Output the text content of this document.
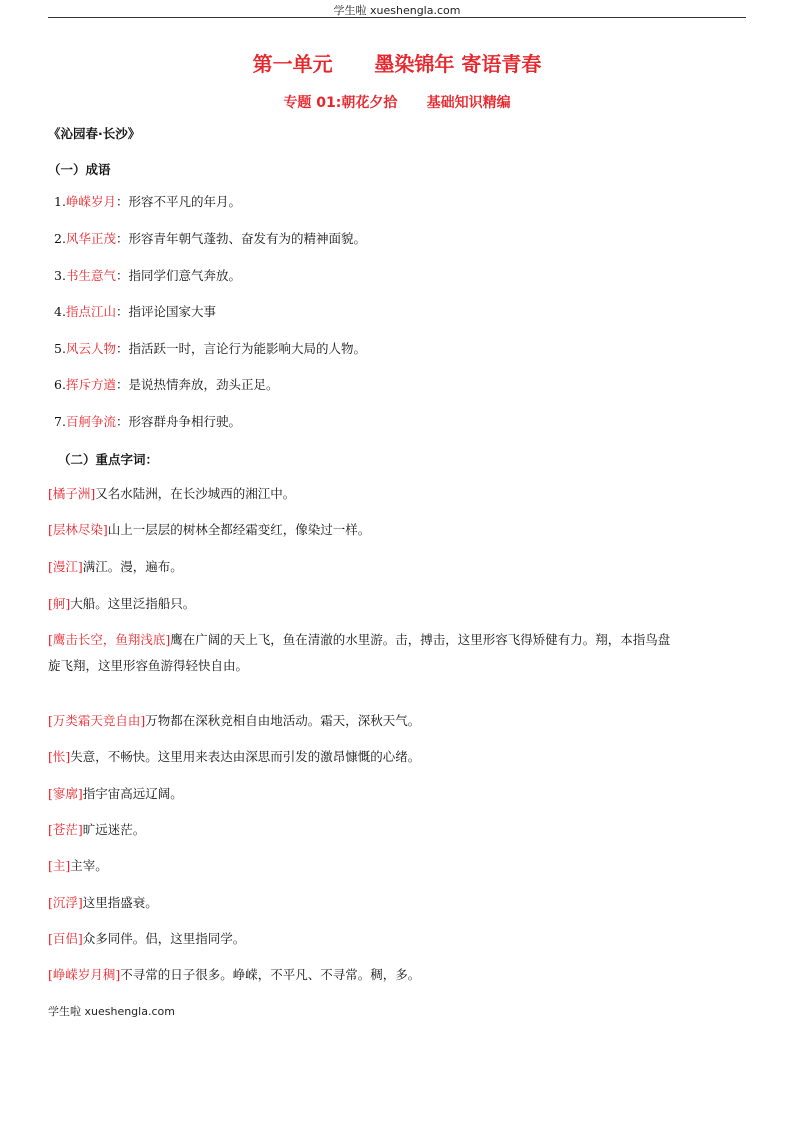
学生啦 xueshengla.com
第一单元      墨染锦年 寄语青春
专题 01:朝花夕拾      基础知识精编
《沁园春·长沙》
（一）成语
1.峥嵘岁月：形容不平凡的年月。
2.风华正茂：形容青年朝气蓬勃、奋发有为的精神面貌。
3.书生意气：指同学们意气奔放。
4.指点江山：指评论国家大事
5.风云人物：指活跃一时，言论行为能影响大局的人物。
6.挥斥方遒：是说热情奔放，劲头正足。
7.百舸争流：形容群舟争相行驶。
（二）重点字词：
[橘子洲]又名水陆洲，在长沙城西的湘江中。
[层林尽染]山上一层层的树林全都经霜变红，像染过一样。
[漫江]满江。漫，遍布。
[舸]大船。这里泛指船只。
[鹰击长空，鱼翔浅底]鹰在广阔的天上飞，鱼在清澈的水里游。击，搏击，这里形容飞得矫健有力。翔，本指鸟盘
旋飞翔，这里形容鱼游得轻快自由。
[万类霜天竞自由]万物都在深秋竞相自由地活动。霜天，深秋天气。
[怅]失意，不畅快。这里用来表达由深思而引发的激昂慷慨的心绪。
[寥廓]指宇宙高远辽阔。
[苍茫]旷远迷茫。
[主]主宰。
[沉浮]这里指盛衰。
[百侣]众多同伴。侣，这里指同学。
[峥嵘岁月稠]不寻常的日子很多。峥嵘，不平凡、不寻常。稠，多。
学生啦 xueshengla.com
